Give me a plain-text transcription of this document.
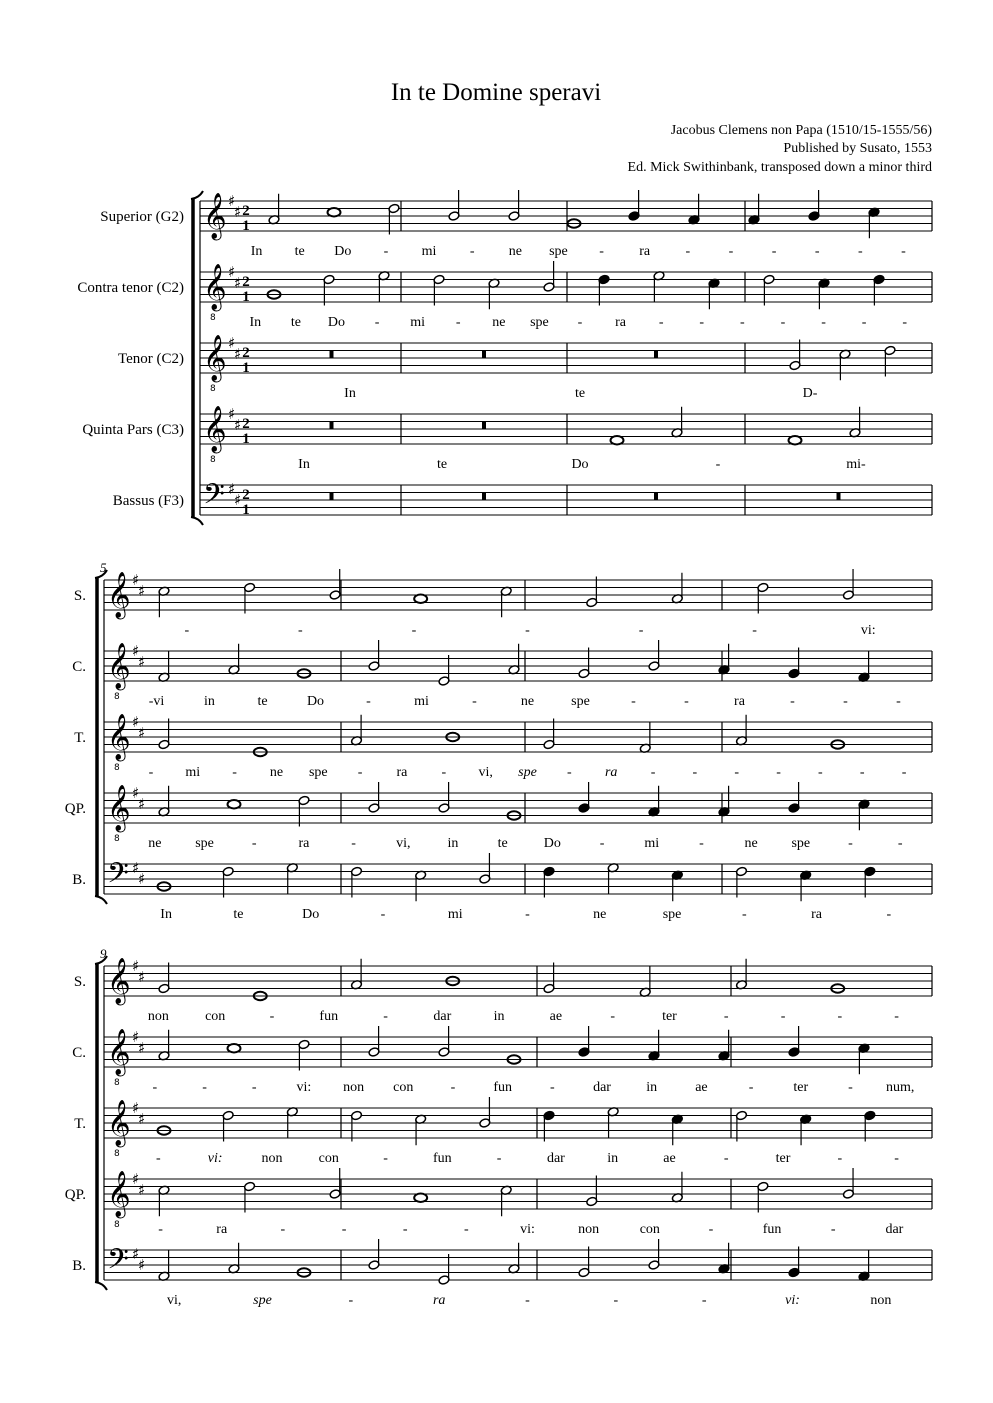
In te Domine speravi
Jacobus Clemens non Papa (1510/15-1555/56)
Published by Susato, 1553
Ed. Mick Swithinbank, transposed down a minor third
Superior (G2) 𝄞 ♯
♯ 2
1
In te Do - mi - ne spe -	ra	-	-	-	-	-	-
Contra tenor (C2) 𝄞
8
♯
♯ 2
1
In te Do - mi - ne spe - ra -	-	-	-	-	-	-
Tenor (C2) 𝄞
8
♯
♯ 2
1
In	te	D-
Quinta Pars (C3) 𝄞
8
♯
♯ 2
1
In	te	Do	-	mi-
Bassus (F3) 𝄢 ♯
♯ 2
1
5
S. 𝄞 ♯
♯
-	-	-	-	-	-	vi:
C. 𝄞
8
♯
♯
-vi	in	te	Do	-	mi	-	ne	spe	-	-	ra	-	-	-
T. 𝄞
8
♯
♯
- mi - ne spe - ra - vi, spe - ra -	-	-	-	-	-	-
QP. 𝄞
8
♯
♯
ne spe	-	ra	-	vi,	in	te	Do	-	mi	-	ne spe	-	-
B. 𝄢 ♯
♯
In	te	Do	-	mi	-	ne	spe	-	ra	-
9
S. 𝄞 ♯
♯
non	con	-	fun	-	dar	in	ae	-	ter	-	-	-	-
C. 𝄞
8
♯
♯
-	-	-	vi: non con	-	fun	-	dar	in	ae	-	ter	- num,
T. 𝄞
8
♯
♯
-	vi:	non	con	-	fun	-	dar	in	ae	-	ter	-	-
QP. 𝄞
8
♯
♯
-	ra	-	-	-	-	vi:	non	con	-	fun	-	dar
B. 𝄢 ♯
♯
vi,	spe	-	ra	-	-	-	vi:	non
